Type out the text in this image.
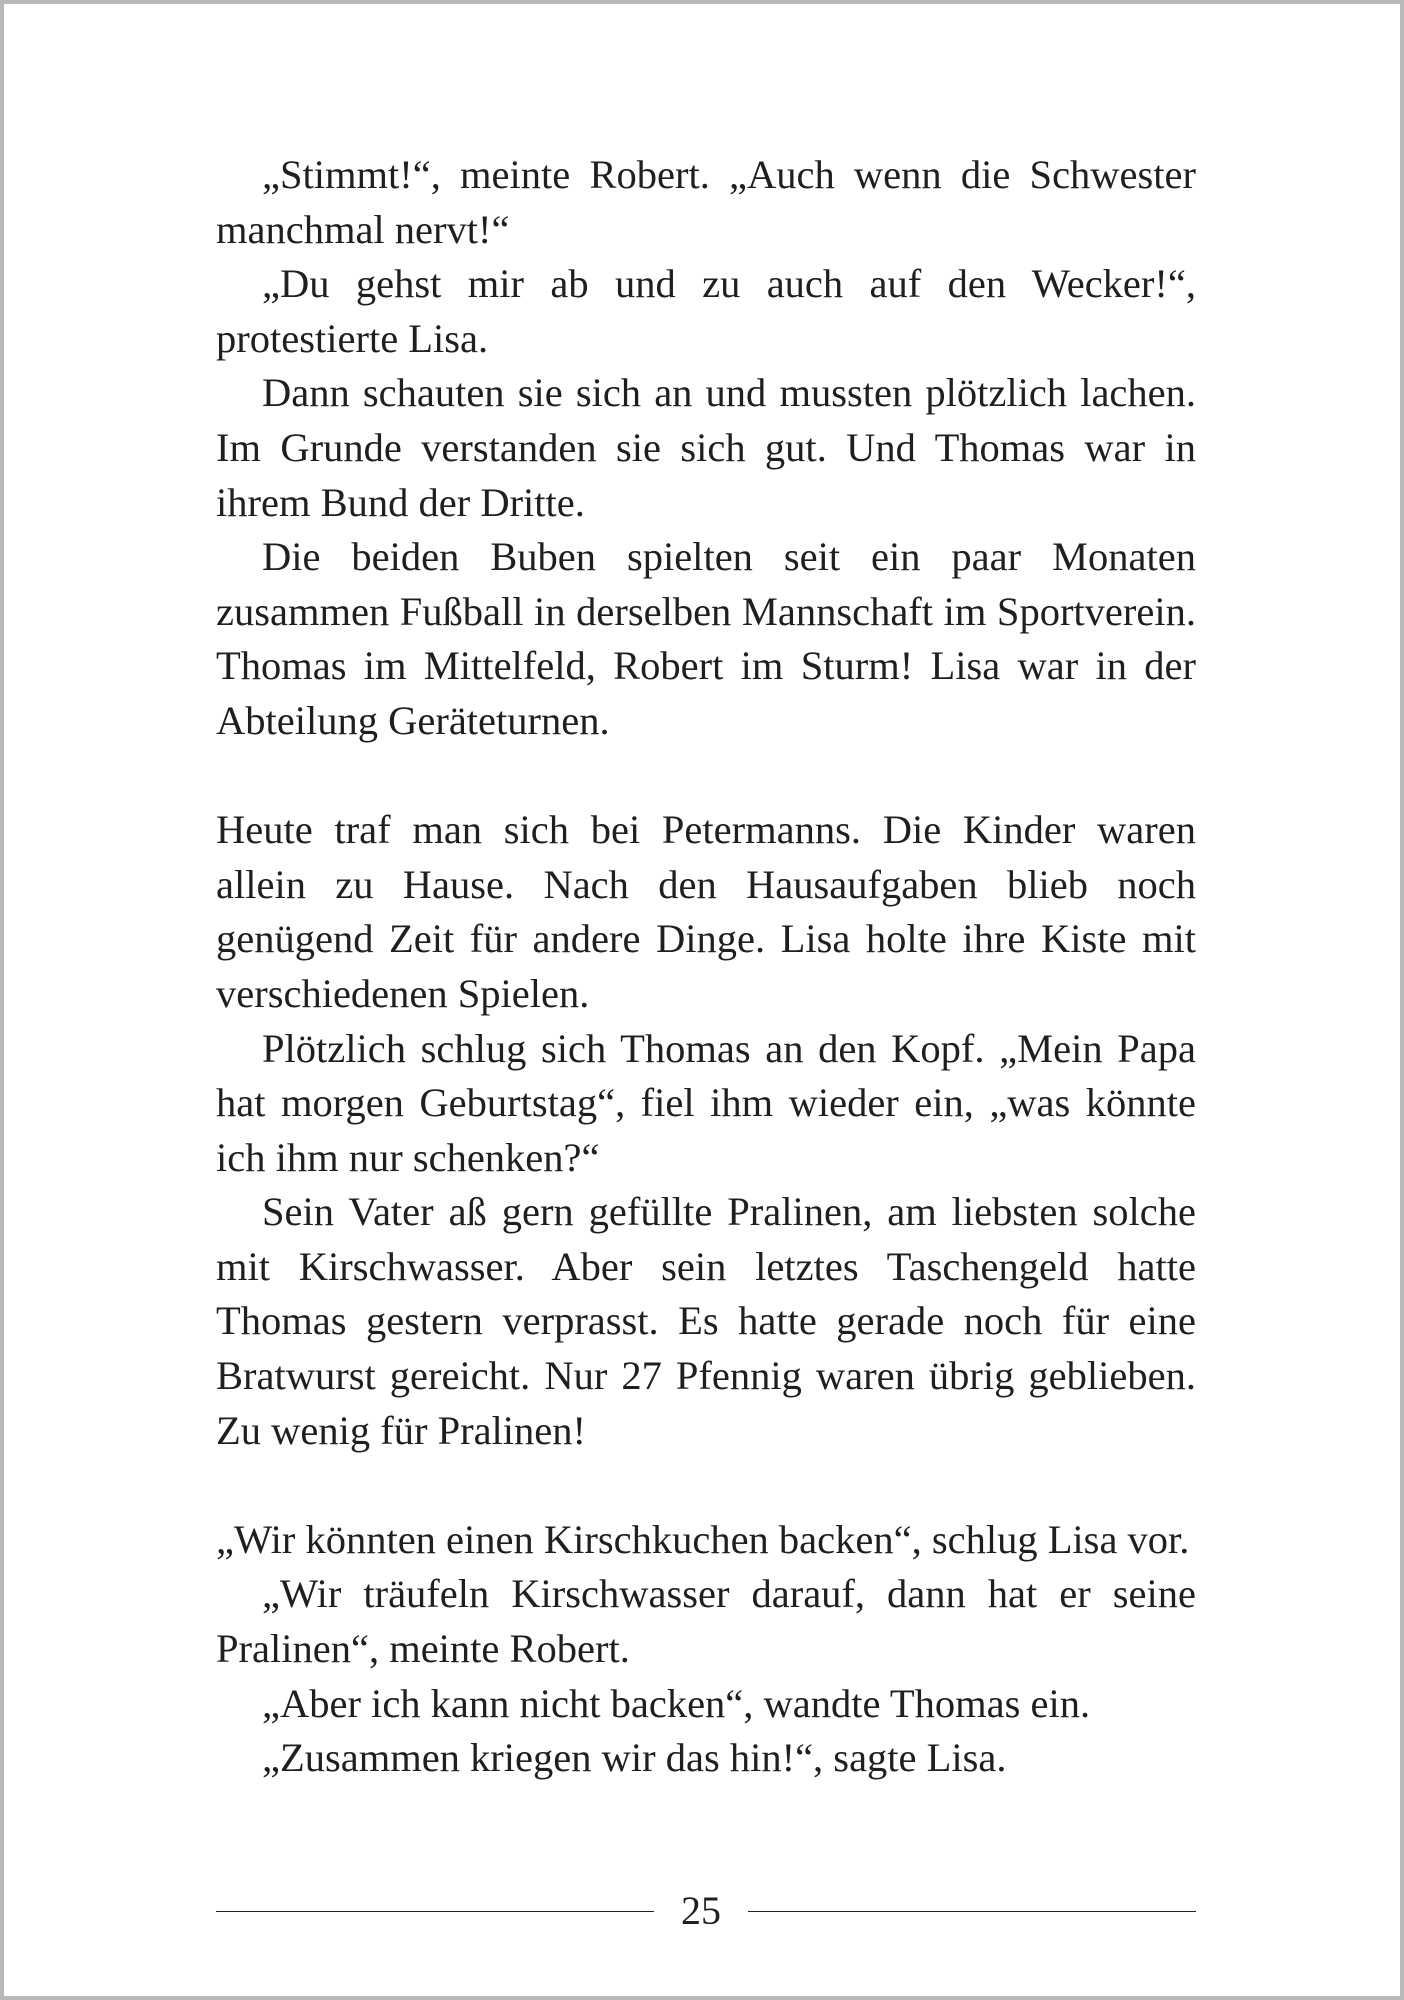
„Stimmt!“, meinte Robert. „Auch wenn die Schwester manchmal nervt!“

„Du gehst mir ab und zu auch auf den Wecker!“, protestierte Lisa.

Dann schauten sie sich an und mussten plötzlich lachen. Im Grunde verstanden sie sich gut. Und Thomas war in ihrem Bund der Dritte.

Die beiden Buben spielten seit ein paar Monaten zusammen Fußball in derselben Mannschaft im Sportverein. Thomas im Mittelfeld, Robert im Sturm! Lisa war in der Abteilung Geräteturnen.

Heute traf man sich bei Petermanns. Die Kinder waren allein zu Hause. Nach den Hausaufgaben blieb noch genügend Zeit für andere Dinge. Lisa holte ihre Kiste mit verschiedenen Spielen.

Plötzlich schlug sich Thomas an den Kopf. „Mein Papa hat morgen Geburtstag“, fiel ihm wieder ein, „was könnte ich ihm nur schenken?“

Sein Vater aß gern gefüllte Pralinen, am liebsten solche mit Kirschwasser. Aber sein letztes Taschengeld hatte Thomas gestern verprasst. Es hatte gerade noch für eine Bratwurst gereicht. Nur 27 Pfennig waren übrig geblieben. Zu wenig für Pralinen!

„Wir könnten einen Kirschkuchen backen“, schlug Lisa vor.

„Wir träufeln Kirschwasser darauf, dann hat er seine Pralinen“, meinte Robert.

„Aber ich kann nicht backen“, wandte Thomas ein.

„Zusammen kriegen wir das hin!“, sagte Lisa.

25
